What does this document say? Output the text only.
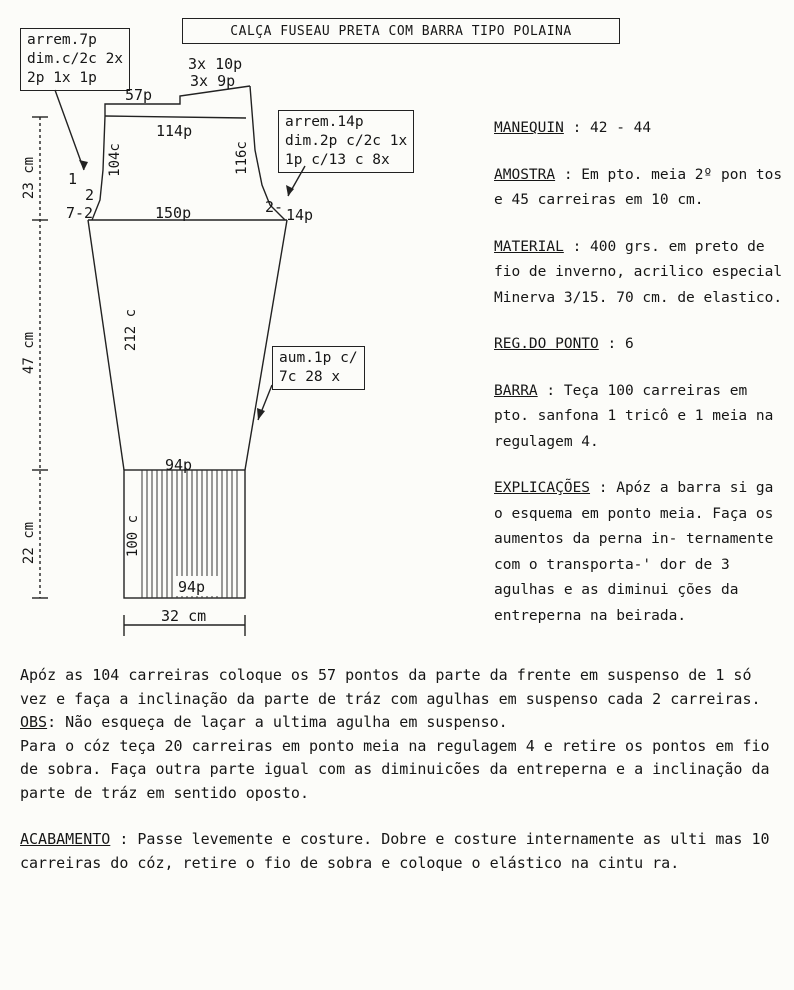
CALÇA FUSEAU PRETA COM BARRA TIPO POLAINA
arrem.7p
dim.c/2c 2x
2p 1x 1p
arrem.14p
dim.2p c/2c 1x
1p c/13 c 8x
aum.1p c/
7c 28 x
3x 10p
3x 9p
57p
114p
1
2
7-2	2- 14p
150p
94p
94p
32 cm
104c	116c
212 c
100 c
23 cm
47 cm
22 cm

MANEQUIN : 42 - 44

AMOSTRA : Em pto. meia 2º pon tos e 45 carreiras em 10 cm.

MATERIAL : 400 grs. em preto de fio de inverno, acrilico especial Minerva 3/15. 70 cm. de elastico.

REG.DO PONTO : 6

BARRA : Teça 100 carreiras em pto. sanfona 1 tricô e 1 meia na regulagem 4.

EXPLICAÇÕES : Apóz a barra si ga o esquema em ponto meia. Faça os aumentos da perna in- ternamente com o transporta-' dor de 3 agulhas e as diminui ções da entreperna na beirada.

Apóz as 104 carreiras coloque os 57 pontos da parte da frente em suspenso de 1 só vez e faça a inclinação da parte de tráz com agulhas em suspenso cada 2 carreiras.

OBS: Não esqueça de laçar a ultima agulha em suspenso.

Para o cóz teça 20 carreiras em ponto meia na regulagem 4 e retire os pontos em fio de sobra. Faça outra parte igual com as diminuicões da entreperna e a inclinação da parte de tráz em sentido oposto.

ACABAMENTO : Passe levemente e costure. Dobre e costure internamente as ulti mas 10 carreiras do cóz, retire o fio de sobra e coloque o elástico na cintu ra.
